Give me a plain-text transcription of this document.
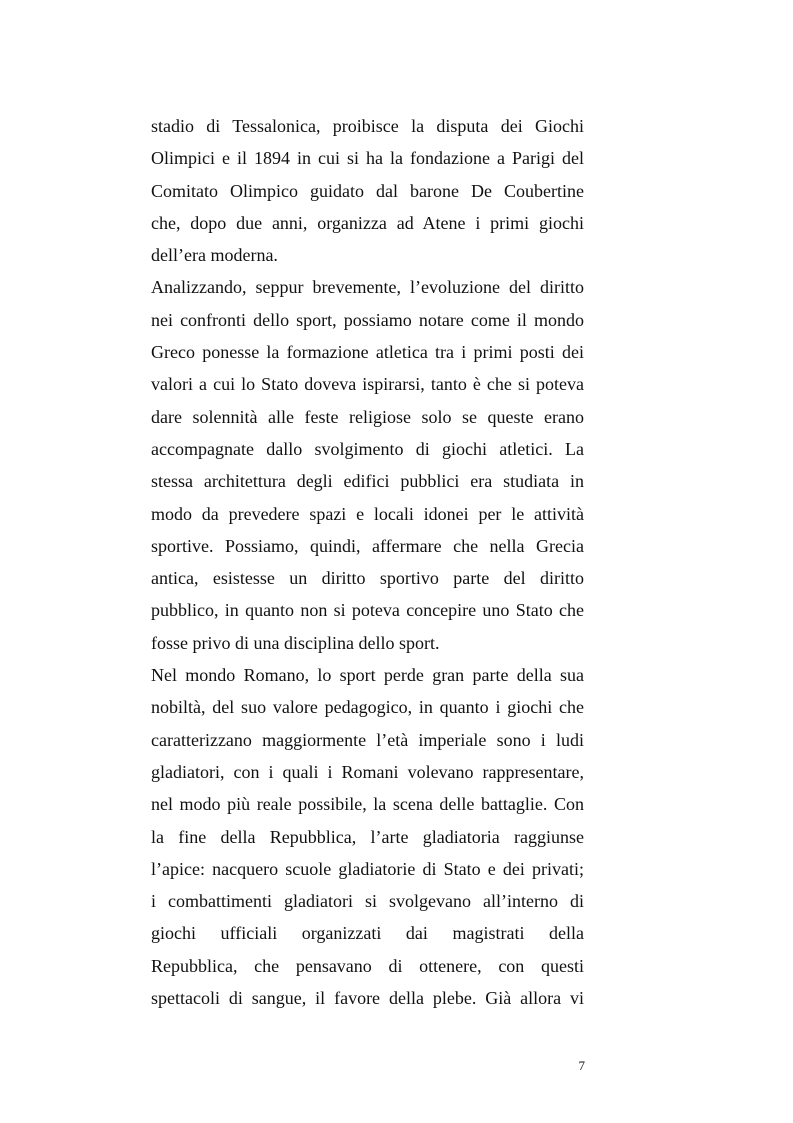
stadio di Tessalonica, proibisce la disputa dei Giochi
Olimpici e il 1894 in cui si ha la fondazione a Parigi del
Comitato Olimpico guidato dal barone De Coubertine
che, dopo due anni, organizza ad Atene i primi giochi
dell’era moderna.

Analizzando, seppur brevemente, l’evoluzione del diritto
nei confronti dello sport, possiamo notare come il mondo
Greco ponesse la formazione atletica tra i primi posti dei
valori a cui lo Stato doveva ispirarsi, tanto è che si poteva
dare solennità alle feste religiose solo se queste erano
accompagnate dallo svolgimento di giochi atletici. La
stessa architettura degli edifici pubblici era studiata in
modo da prevedere spazi e locali idonei per le attività
sportive. Possiamo, quindi, affermare che nella Grecia
antica, esistesse un diritto sportivo parte del diritto
pubblico, in quanto non si poteva concepire uno Stato che
fosse privo di una disciplina dello sport.

Nel mondo Romano, lo sport perde gran parte della sua
nobiltà, del suo valore pedagogico, in quanto i giochi che
caratterizzano maggiormente l’età imperiale sono i ludi
gladiatori, con i quali i Romani volevano rappresentare,
nel modo più reale possibile, la scena delle battaglie. Con
la fine della Repubblica, l’arte gladiatoria raggiunse
l’apice: nacquero scuole gladiatorie di Stato e dei privati;
i combattimenti gladiatori si svolgevano all’interno di
giochi ufficiali organizzati dai magistrati della
Repubblica, che pensavano di ottenere, con questi
spettacoli di sangue, il favore della plebe. Già allora vi

7
